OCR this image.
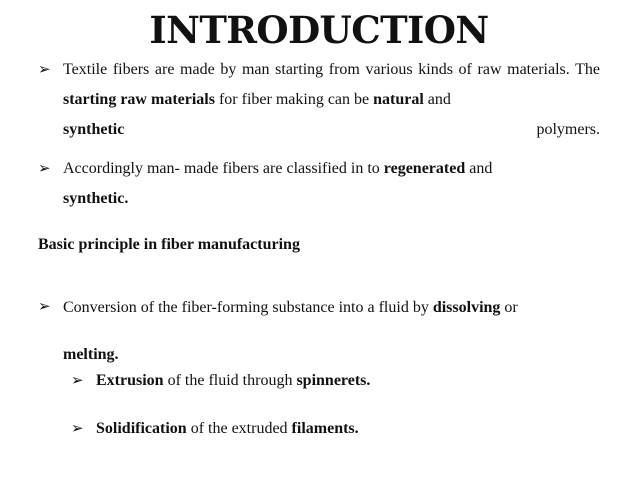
INTRODUCTION
➢ Textile fibers are made by man starting from various kinds of raw materials. The starting raw materials for fiber making can be natural and
synthetic polymers.
➢ Accordingly man- made fibers are classified in to regenerated and
synthetic.
Basic principle in fiber manufacturing
➢ Conversion of the fiber-forming substance into a fluid by dissolving or
melting.
➢ Extrusion of the fluid through spinnerets.
➢ Solidification of the extruded filaments.
